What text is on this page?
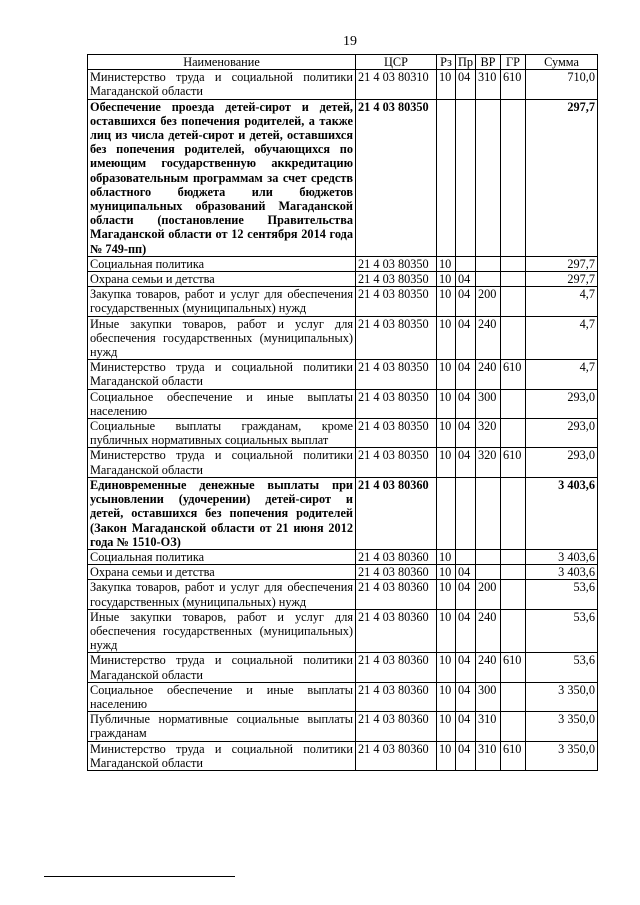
19
Наименование	ЦСР	Рз	Пр	ВР	ГР	Сумма
Министерство труда и социальной политики Магаданской области	21 4 03 80310	10	04	310	610	710,0
Обеспечение проезда детей-сирот и детей, оставшихся без попечения родителей, а также лиц из числа детей-сирот и детей, оставшихся без попечения родителей, обучающихся по имеющим государственную аккредитацию образовательным программам за счет средств областного бюджета или бюджетов муниципальных образований Магаданской области (постановление Правительства Магаданской области от 12 сентября 2014 года № 749-пп)	21 4 03 80350					297,7
Социальная политика	21 4 03 80350	10				297,7
Охрана семьи и детства	21 4 03 80350	10	04			297,7
Закупка товаров, работ и услуг для обеспечения государственных (муниципальных) нужд	21 4 03 80350	10	04	200		4,7
Иные закупки товаров, работ и услуг для обеспечения государственных (муниципальных) нужд	21 4 03 80350	10	04	240		4,7
Министерство труда и социальной политики Магаданской области	21 4 03 80350	10	04	240	610	4,7
Социальное обеспечение и иные выплаты населению	21 4 03 80350	10	04	300		293,0
Социальные выплаты гражданам, кроме публичных нормативных социальных выплат	21 4 03 80350	10	04	320		293,0
Министерство труда и социальной политики Магаданской области	21 4 03 80350	10	04	320	610	293,0
Единовременные денежные выплаты при усыновлении (удочерении) детей-сирот и детей, оставшихся без попечения родителей (Закон Магаданской области от 21 июня 2012 года № 1510-ОЗ)	21 4 03 80360					3 403,6
Социальная политика	21 4 03 80360	10				3 403,6
Охрана семьи и детства	21 4 03 80360	10	04			3 403,6
Закупка товаров, работ и услуг для обеспечения государственных (муниципальных) нужд	21 4 03 80360	10	04	200		53,6
Иные закупки товаров, работ и услуг для обеспечения государственных (муниципальных) нужд	21 4 03 80360	10	04	240		53,6
Министерство труда и социальной политики Магаданской области	21 4 03 80360	10	04	240	610	53,6
Социальное обеспечение и иные выплаты населению	21 4 03 80360	10	04	300		3 350,0
Публичные нормативные социальные выплаты гражданам	21 4 03 80360	10	04	310		3 350,0
Министерство труда и социальной политики Магаданской области	21 4 03 80360	10	04	310	610	3 350,0
